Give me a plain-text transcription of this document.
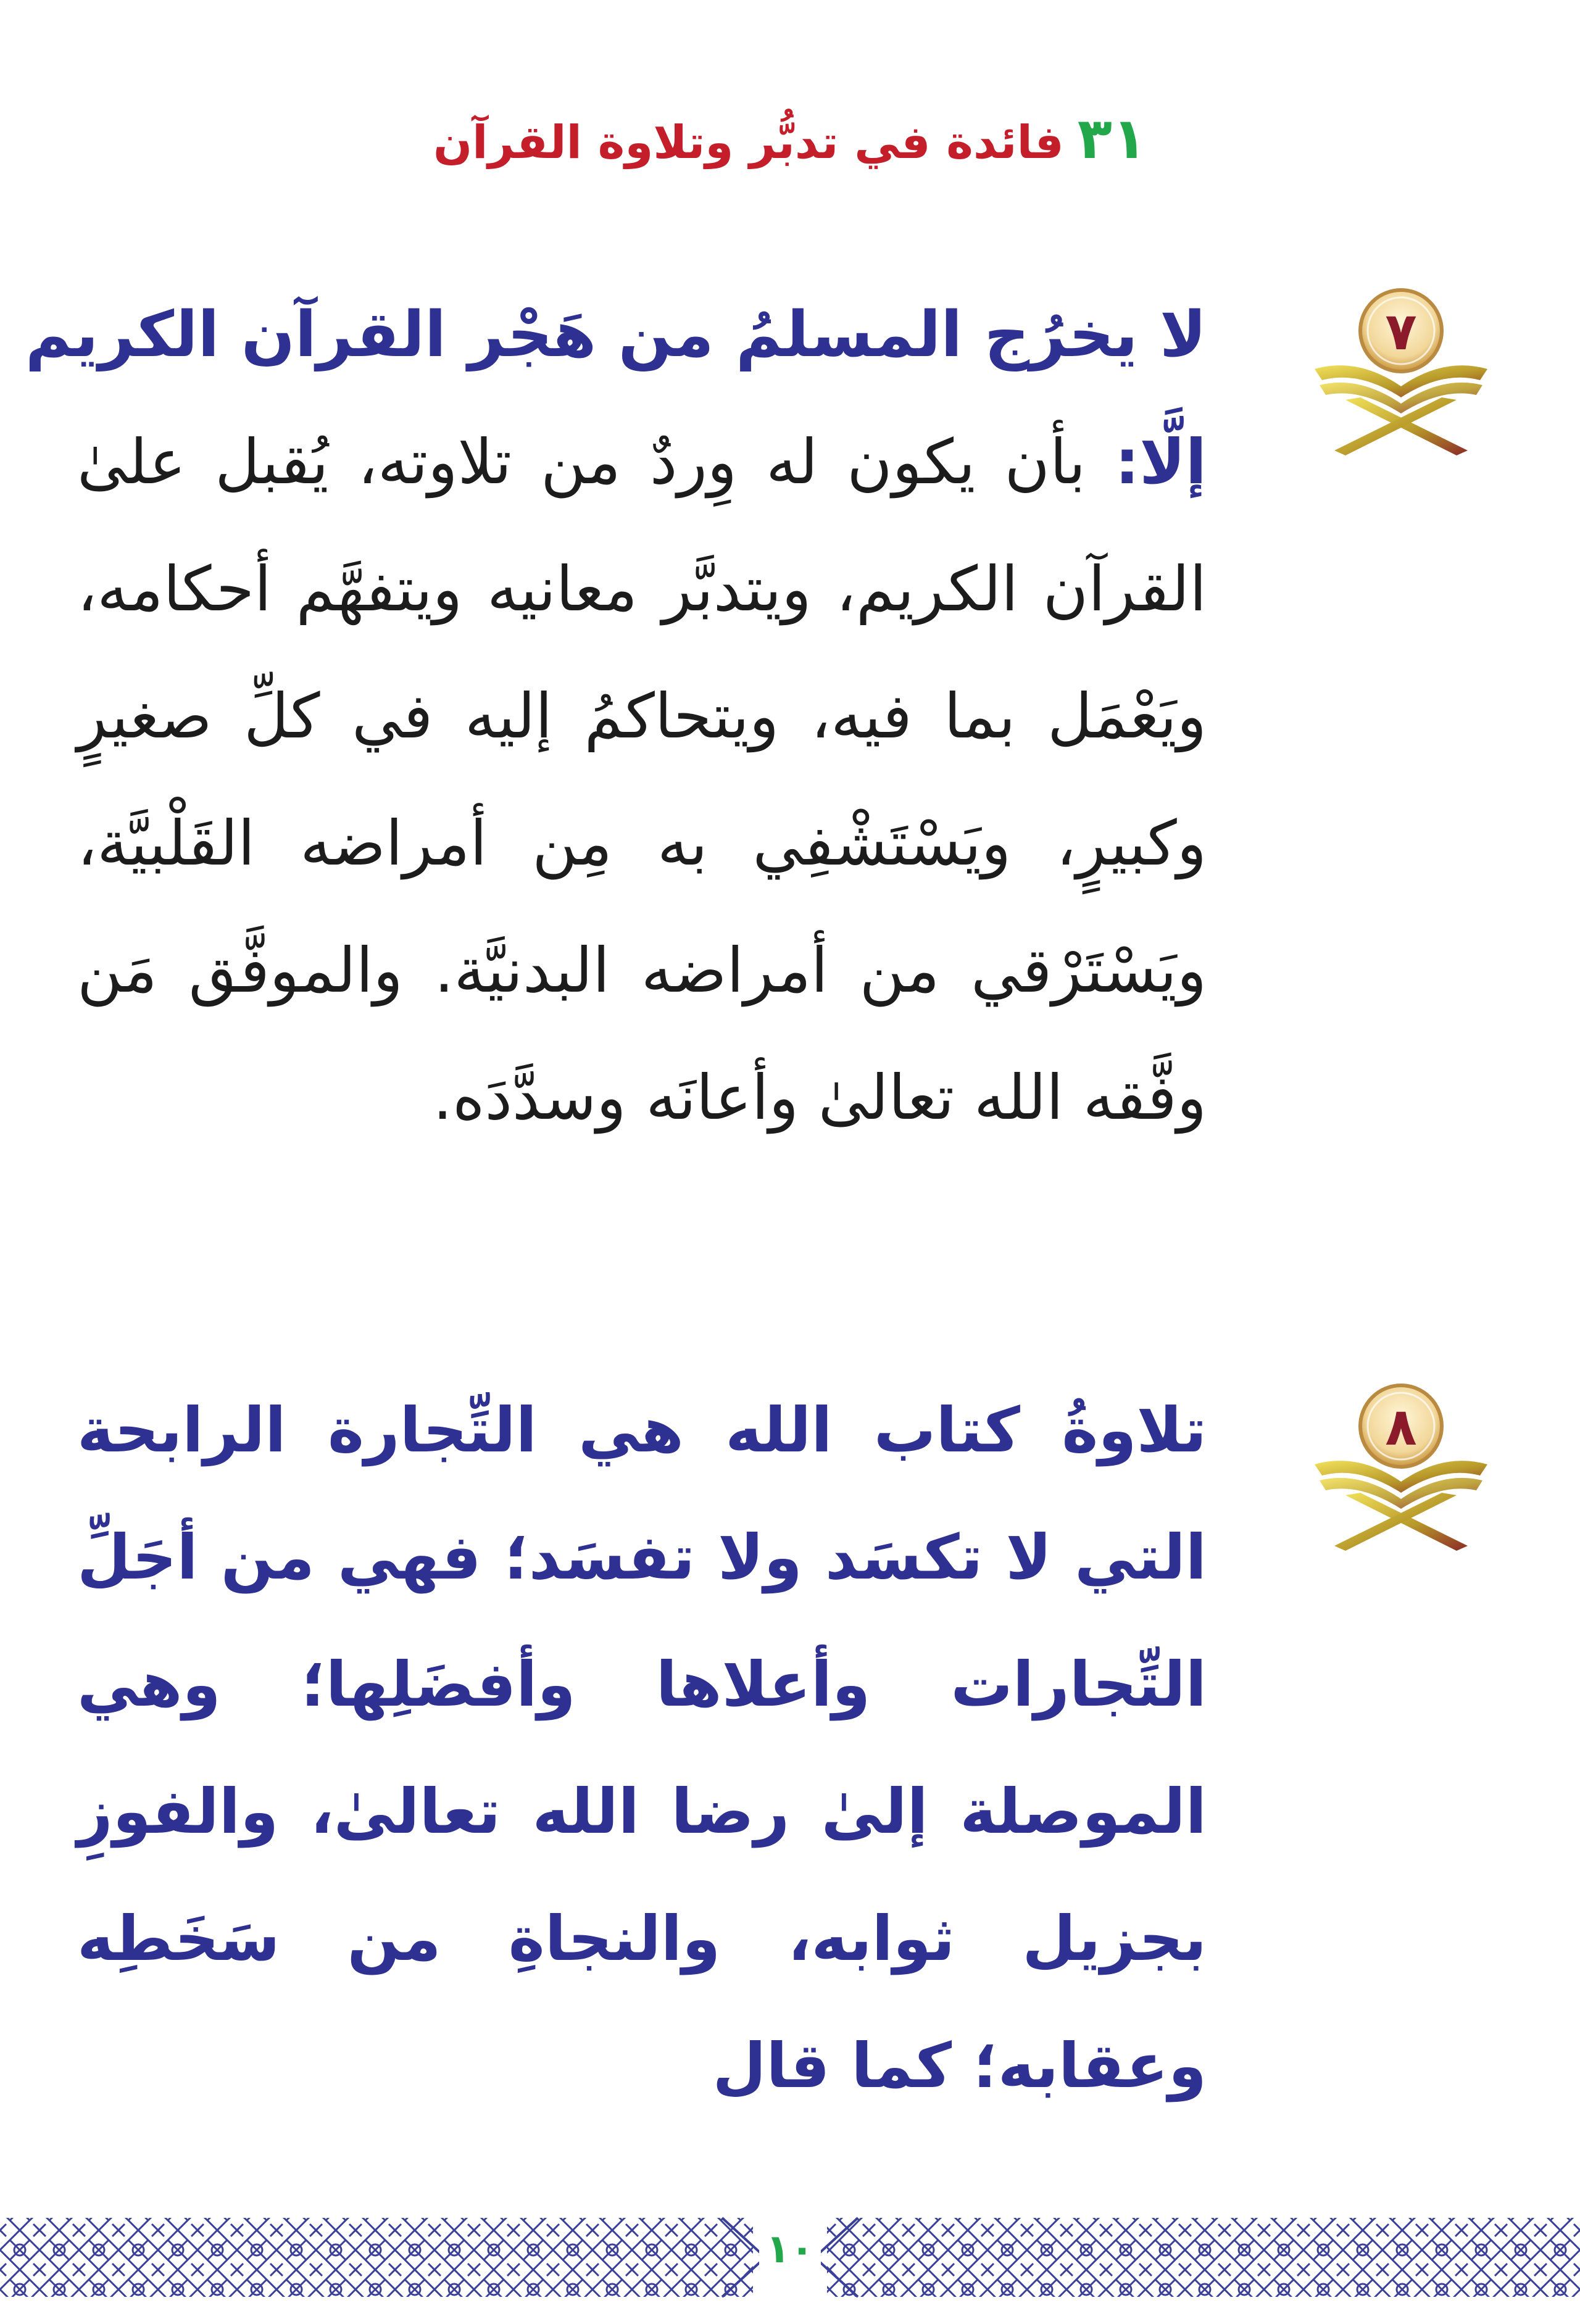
٣١فائدة في تدبُّر وتلاوة القرآن
٧
لا يخرُج المسلمُ من هَجْر القرآن الكريم

إلَّا: بأن يكون له وِردٌ من تلاوته، يُقبل علىٰ القرآن الكريم، ويتدبَّر معانيه ويتفهَّم أحكامه، ويَعْمَل بما فيه، ويتحاكمُ إليه في كلِّ صغيرٍ وكبيرٍ، ويَسْتَشْفِي به مِن أمراضه القَلْبيَّة، ويَسْتَرْقي من أمراضه البدنيَّة. والموفَّق مَن وفَّقه الله تعالىٰ وأعانَه وسدَّدَه.

٨

تلاوةُ كتاب الله هي التِّجارة الرابحة التي لا تكسَد ولا تفسَد؛ فهي من أجَلِّ التِّجارات وأعلاها وأفضَلِها؛ وهي الموصلة إلىٰ رضا الله تعالىٰ، والفوزِ بجزيل ثوابه، والنجاةِ من سَخَطِه وعقابه؛ كما قال

١٠
